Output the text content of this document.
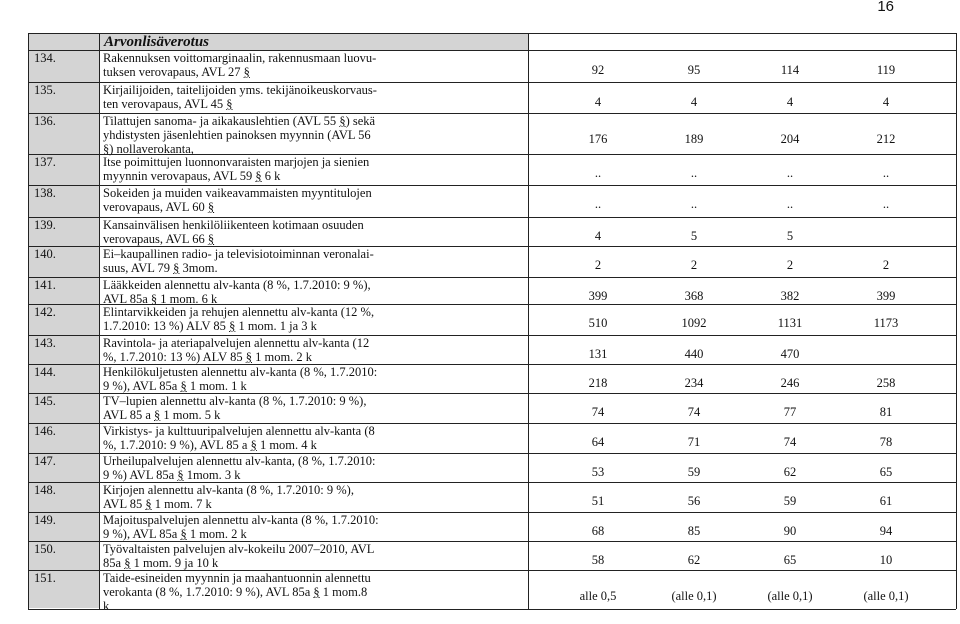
16
Arvonlisäverotus
134.	Rakennuksen voittomarginaalin, rakennusmaan luovu-
tuksen verovapaus, AVL 27 §	92	95	114	119
135.	Kirjailijoiden, taitelijoiden yms. tekijänoikeuskorvaus-
ten verovapaus, AVL 45 §	4	4	4	4
136.	Tilattujen sanoma- ja aikakauslehtien (AVL 55 §) sekä
yhdistysten jäsenlehtien painoksen myynnin (AVL 56
§) nollaverokanta,
176	189	204	212
137.	Itse poimittujen luonnonvaraisten marjojen ja sienien
myynnin verovapaus, AVL 59 § 6 k	..	..	..	..
138.	Sokeiden ja muiden vaikeavammaisten myyntitulojen
verovapaus, AVL 60 §	..	..	..	..
139.	Kansainvälisen henkilöliikenteen kotimaan osuuden
verovapaus, AVL 66 §	4	5	5
140.	Ei–kaupallinen radio- ja televisiotoiminnan veronalai-
suus, AVL 79 § 3mom.	2	2	2	2
141.	Lääkkeiden alennettu alv-kanta (8 %, 1.7.2010: 9 %),
AVL 85a § 1 mom. 6 k	399	368	382	399
142.	Elintarvikkeiden ja rehujen alennettu alv-kanta (12 %,
1.7.2010: 13 %) ALV 85 § 1 mom. 1 ja 3 k	510	1092	1131	1173
143.	Ravintola- ja ateriapalvelujen alennettu alv-kanta (12
%, 1.7.2010: 13 %) ALV 85 § 1 mom. 2 k	131	440	470
144.	Henkilökuljetusten alennettu alv-kanta (8 %, 1.7.2010:
9 %), AVL 85a § 1 mom. 1 k	218	234	246	258
145.	TV–lupien alennettu alv-kanta (8 %, 1.7.2010: 9 %),
AVL 85 a § 1 mom. 5 k	74	74	77	81
146.	Virkistys- ja kulttuuripalvelujen alennettu alv-kanta (8
%, 1.7.2010: 9 %), AVL 85 a § 1 mom. 4 k	64	71	74	78
147.	Urheilupalvelujen alennettu alv-kanta, (8 %, 1.7.2010:
9 %) AVL 85a § 1mom. 3 k	53	59	62	65
148.	Kirjojen alennettu alv-kanta (8 %, 1.7.2010: 9 %),
AVL 85 § 1 mom. 7 k	51	56	59	61
149.	Majoituspalvelujen alennettu alv-kanta (8 %, 1.7.2010:
9 %), AVL 85a § 1 mom. 2 k	68	85	90	94
150.	Työvaltaisten palvelujen alv-kokeilu 2007–2010, AVL
85a § 1 mom. 9 ja 10 k	58	62	65	10
151.	Taide-esineiden myynnin ja maahantuonnin alennettu
verokanta (8 %, 1.7.2010: 9 %), AVL 85a § 1 mom.8
k
alle 0,5	(alle 0,1)	(alle 0,1)	(alle 0,1)
